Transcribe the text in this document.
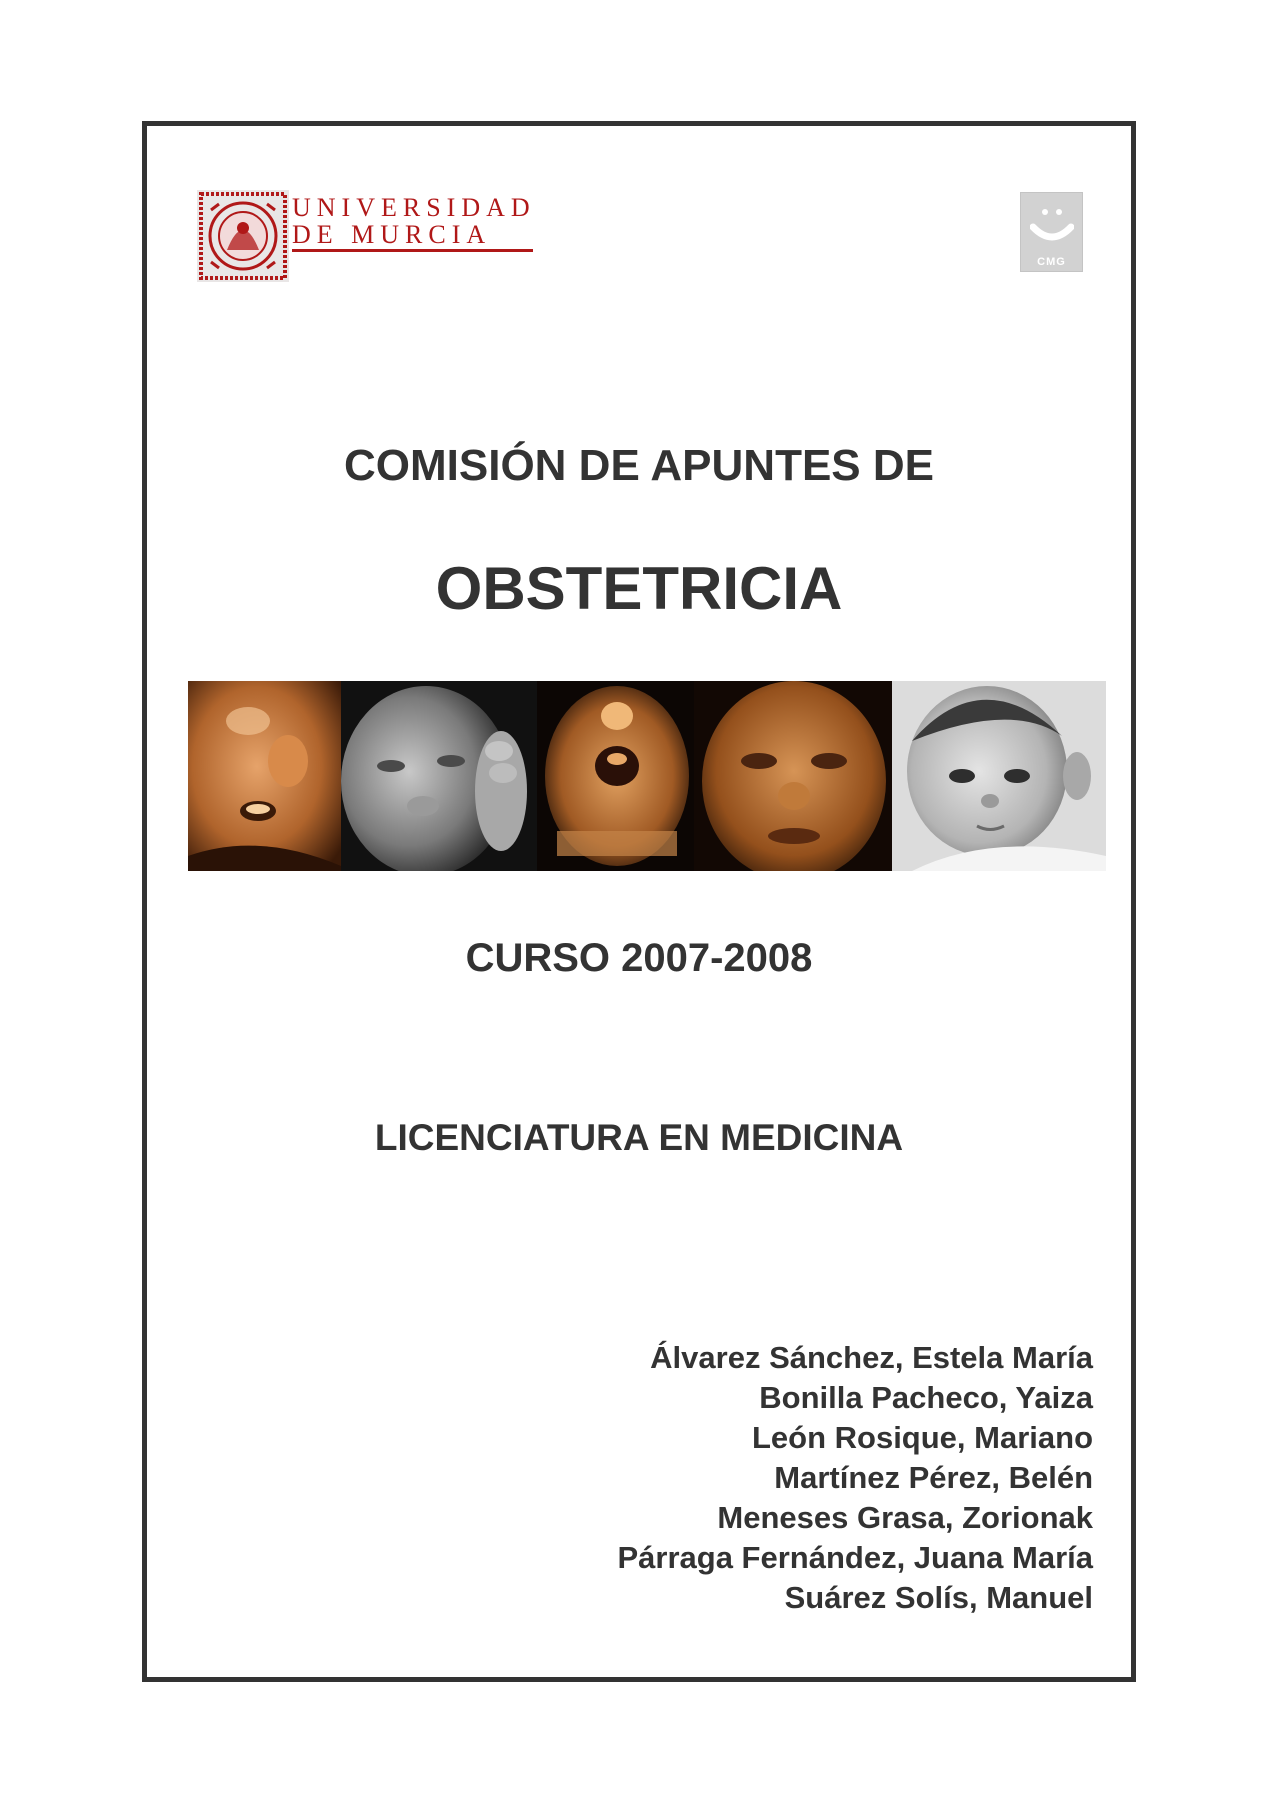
UNIVERSIDAD
DE MURCIA
CMG
COMISIÓN DE APUNTES DE
OBSTETRICIA
CURSO 2007-2008
LICENCIATURA EN MEDICINA
Álvarez Sánchez, Estela María
Bonilla Pacheco, Yaiza
León Rosique, Mariano
Martínez Pérez, Belén
Meneses Grasa, Zorionak
Párraga Fernández, Juana María
Suárez Solís, Manuel
